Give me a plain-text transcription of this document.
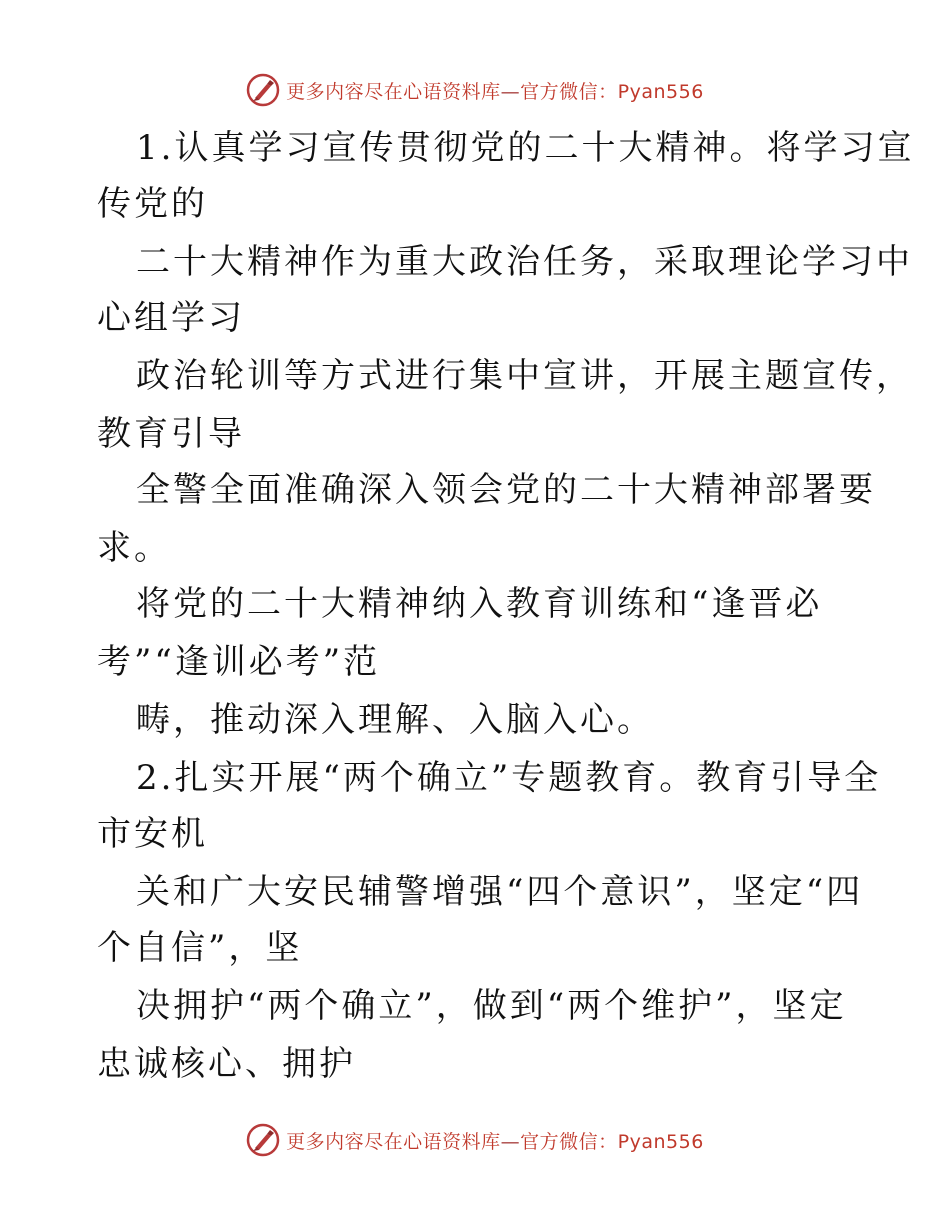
更多内容尽在心语资料库—官方微信：Pyan556
1.认真学习宣传贯彻党的二十大精神。将学习宣
传党的
二十大精神作为重大政治任务，采取理论学习中
心组学习
政治轮训等方式进行集中宣讲，开展主题宣传，
教育引导
全警全面准确深入领会党的二十大精神部署要
求。
将党的二十大精神纳入教育训练和“逢晋必
考”“逢训必考”范
畴，推动深入理解、入脑入心。
2.扎实开展“两个确立”专题教育。教育引导全
市安机
关和广大安民辅警增强“四个意识”，坚定“四
个自信”，坚
决拥护“两个确立”，做到“两个维护”，坚定
忠诚核心、拥护
更多内容尽在心语资料库—官方微信：Pyan556
